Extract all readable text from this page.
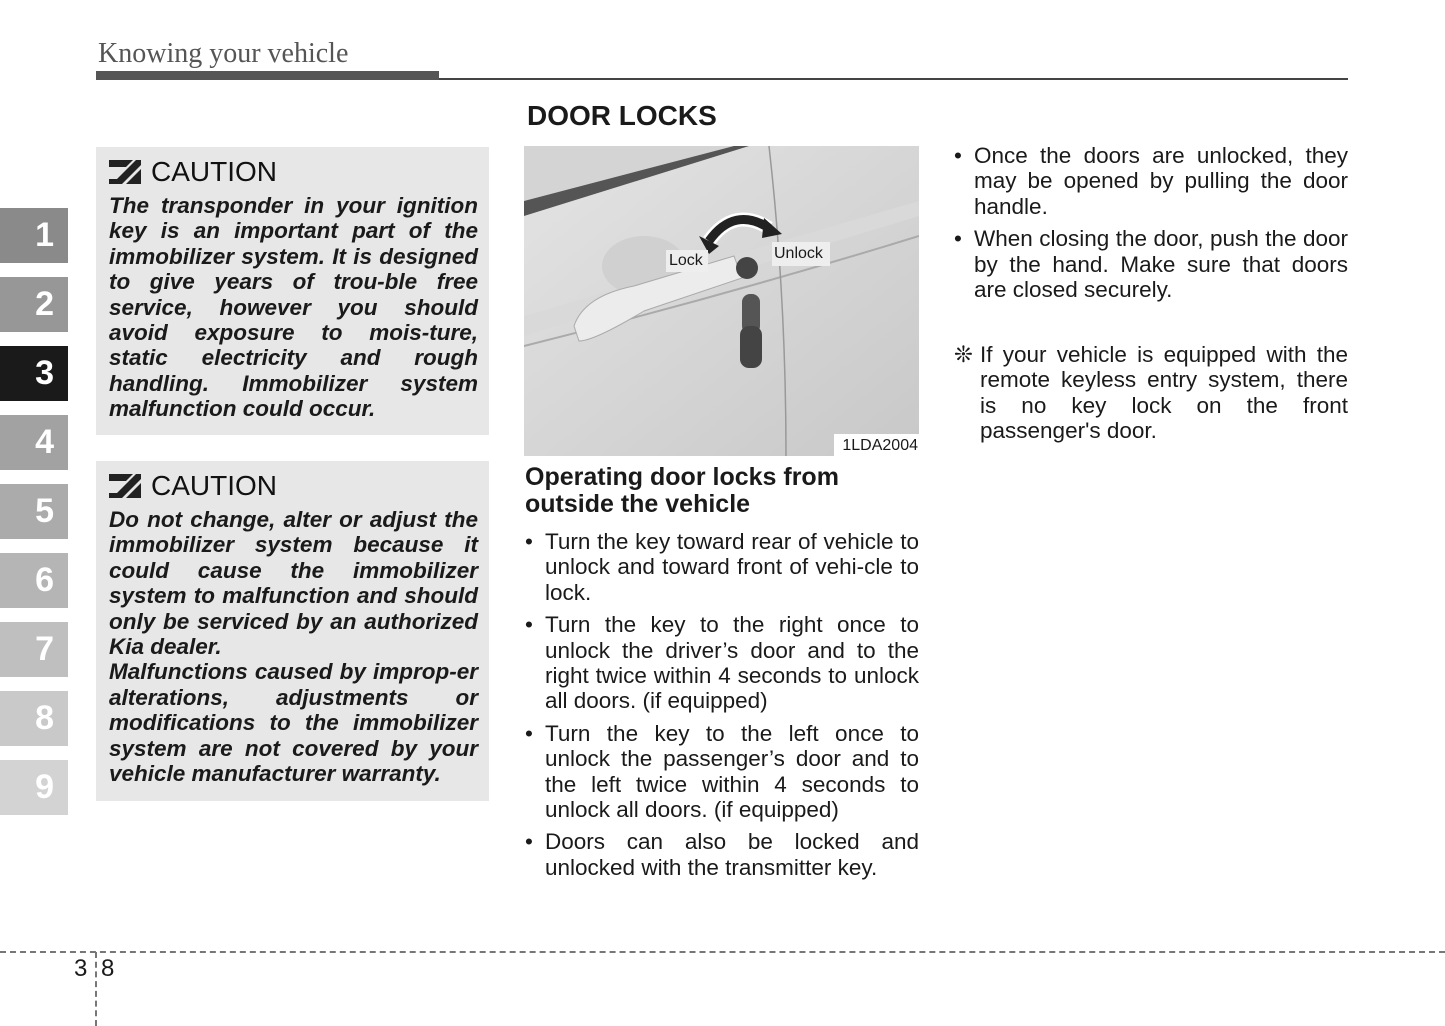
Knowing your vehicle
1
2
3
4
5
6
7
8
9
CAUTION

The transponder in your ignition key is an important part of the immobilizer system. It is designed to give years of trou-ble free service, however you should avoid exposure to mois-ture, static electricity and rough handling. Immobilizer system malfunction could occur.

CAUTION

Do not change, alter or adjust the immobilizer system because it could cause the immobilizer system to malfunction and should only be serviced by an authorized Kia dealer.

Malfunctions caused by improp-er alterations, adjustments or modifications to the immobilizer system are not covered by your vehicle manufacturer warranty.

DOOR LOCKS
Lock	Unlock
1LDA2004
Operating door locks from outside the vehicle
• Turn the key toward rear of vehicle to unlock and toward front of vehi-cle to lock.
• Turn the key to the right once to unlock the driver’s door and to the right twice within 4 seconds to unlock all doors. (if equipped)
• Turn the key to the left once to unlock the passenger’s door and to the left twice within 4 seconds to unlock all doors. (if equipped)
• Doors can also be locked and unlocked with the transmitter key.
• Once the doors are unlocked, they may be opened by pulling the door handle.
• When closing the door, push the door by the hand. Make sure that doors are closed securely.
❊ If your vehicle is equipped with the remote keyless entry system, there is no key lock on the front passenger's door.
3 8
